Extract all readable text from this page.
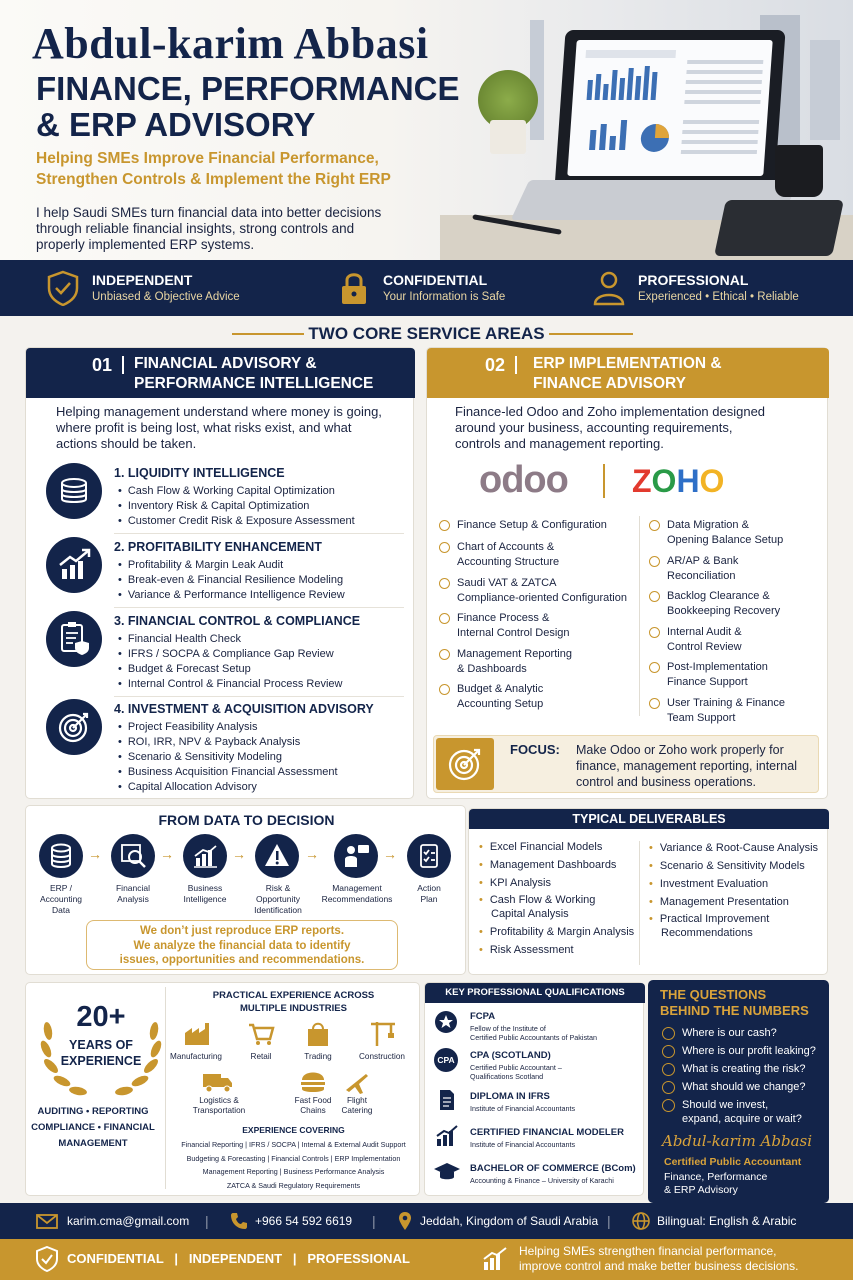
Abdul-karim Abbasi
FINANCE, PERFORMANCE
& ERP ADVISORY
Helping SMEs Improve Financial Performance,
Strengthen Controls & Implement the Right ERP
I help Saudi SMEs turn financial data into better decisions
through reliable financial insights, strong controls and
properly implemented ERP systems.
INDEPENDENT
Unbiased & Objective Advice
CONFIDENTIAL
Your Information is Safe
PROFESSIONAL
Experienced • Ethical • Reliable
TWO CORE SERVICE AREAS
01 FINANCIAL ADVISORY &
PERFORMANCE INTELLIGENCE
Helping management understand where money is going,
where profit is being lost, what risks exist, and what
actions should be taken.
1. LIQUIDITY INTELLIGENCE
• Cash Flow & Working Capital Optimization
• Inventory Risk & Capital Optimization
• Customer Credit Risk & Exposure Assessment
2. PROFITABILITY ENHANCEMENT
• Profitability & Margin Leak Audit
• Break-even & Financial Resilience Modeling
• Variance & Performance Intelligence Review
3. FINANCIAL CONTROL & COMPLIANCE
• Financial Health Check
• IFRS / SOCPA & Compliance Gap Review
• Budget & Forecast Setup
• Internal Control & Financial Process Review
4. INVESTMENT & ACQUISITION ADVISORY
• Project Feasibility Analysis
• ROI, IRR, NPV & Payback Analysis
• Scenario & Sensitivity Modeling
• Business Acquisition Financial Assessment
• Capital Allocation Advisory
02 ERP IMPLEMENTATION &
FINANCE ADVISORY
Finance-led Odoo and Zoho implementation designed
around your business, accounting requirements,
controls and management reporting.
odoo ZOHO
Finance Setup & Configuration
Chart of Accounts &
Accounting Structure
Saudi VAT & ZATCA
Compliance-oriented Configuration
Finance Process &
Internal Control Design
Management Reporting
& Dashboards
Budget & Analytic
Accounting Setup
Data Migration &
Opening Balance Setup
AR/AP & Bank
Reconciliation
Backlog Clearance &
Bookkeeping Recovery
Internal Audit &
Control Review
Post-Implementation
Finance Support
User Training & Finance
Team Support
FOCUS: Make Odoo or Zoho work properly for
finance, management reporting, internal
control and business operations.
FROM DATA TO DECISION
→	→	→	→	→
ERP /
Accounting
Data
Financial
Analysis
Business
Intelligence
Risk &
Opportunity
Identification
Management
Recommendations
Action
Plan
We don’t just reproduce ERP reports.
We analyze the financial data to identify
issues, opportunities and recommendations.
TYPICAL DELIVERABLES
• Excel Financial Models
• Management Dashboards
• KPI Analysis
• Cash Flow & Working
Capital Analysis
• Profitability & Margin Analysis
• Risk Assessment
• Variance & Root-Cause Analysis
• Scenario & Sensitivity Models
• Investment Evaluation
• Management Presentation
• Practical Improvement
Recommendations
20+
YEARS OF
EXPERIENCE
AUDITING • REPORTING
COMPLIANCE • FINANCIAL
MANAGEMENT
PRACTICAL EXPERIENCE ACROSS
MULTIPLE INDUSTRIES
Manufacturing	Retail	Trading	Construction
Logistics &
Transportation
Fast Food
Chains
Flight
Catering
EXPERIENCE COVERING
Financial Reporting | IFRS / SOCPA | Internal & External Audit Support
Budgeting & Forecasting | Financial Controls | ERP Implementation
Management Reporting | Business Performance Analysis
ZATCA & Saudi Regulatory Requirements
KEY PROFESSIONAL QUALIFICATIONS
FCPA
Fellow of the Institute of
Certified Public Accountants of Pakistan
CPA	CPA (SCOTLAND)
Certified Public Accountant –
Qualifications Scotland
DIPLOMA IN IFRS
Institute of Financial Accountants
CERTIFIED FINANCIAL MODELER
Institute of Financial Accountants
BACHELOR OF COMMERCE (BCom)
Accounting & Finance – University of Karachi
THE QUESTIONS
BEHIND THE NUMBERS
Where is our cash?
Where is our profit leaking?
What is creating the risk?
What should we change?
Should we invest,
expand, acquire or wait?
Abdul-karim Abbasi
Certified Public Accountant
Finance, Performance
& ERP Advisory
karim.cma@gmail.com |	+966 54 592 6619 |	Jeddah, Kingdom of Saudi Arabia |	Bilingual: English & Arabic
CONFIDENTIAL   |   INDEPENDENT   |   PROFESSIONAL	Helping SMEs strengthen financial performance,
improve control and make better business decisions.
